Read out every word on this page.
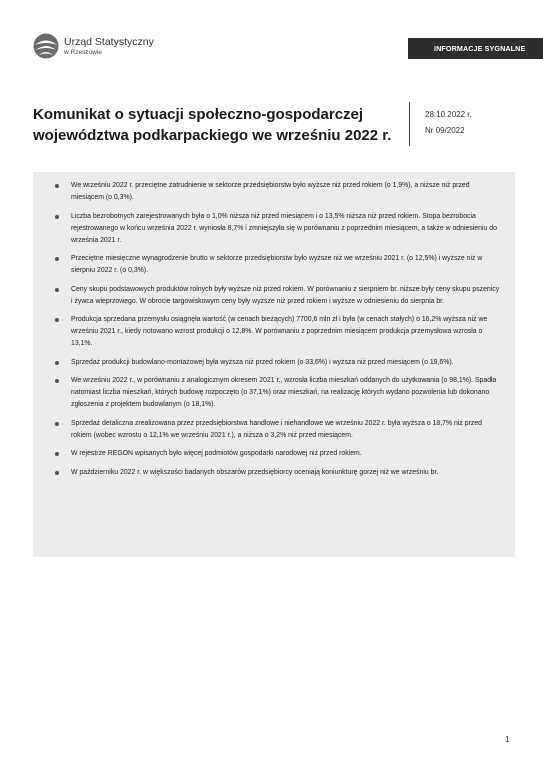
Urząd Statystyczny
w Rzeszowie	INFORMACJE SYGNALNE
Komunikat o sytuacji społeczno-gospodarczej
województwa podkarpackiego we wrześniu 2022 r.
28.10.2022 r.
Nr 09/2022
We wrześniu 2022 r. przeciętne zatrudnienie w sektorze przedsiębiorstw było wyższe niż przed rokiem (o 1,9%), a niższe niż przed miesiącem (o 0,3%).
Liczba bezrobotnych zarejestrowanych była o 1,0% niższa niż przed miesiącem i o 13,5% niższa niż przed rokiem. Stopa bezrobocia rejestrowanego w końcu września 2022 r. wyniosła 8,7% i zmniejszyła się w porównaniu z poprzednim miesiącem, a także w odniesieniu do września 2021 r.
Przeciętne miesięczne wynagrodzenie brutto w sektorze przedsiębiorstw było wyższe niż we wrześniu 2021 r. (o 12,5%) i wyższe niż w sierpniu 2022 r. (o 0,3%).
Ceny skupu podstawowych produktów rolnych były wyższe niż przed rokiem. W porównaniu z sierpniem br. niższe były ceny skupu pszenicy i żywca wieprzowego. W obrocie targowiskowym ceny były wyższe niż przed rokiem i wyższe w odniesieniu do sierpnia br.
Produkcja sprzedana przemysłu osiągnęła wartość (w cenach bieżących) 7700,6 mln zł i była (w cenach stałych) o 16,2% wyższa niż we wrześniu 2021 r., kiedy notowano wzrost produkcji o 12,8%. W porównaniu z poprzednim miesiącem produkcja przemysłowa wzrosła o 13,1%.
Sprzedaż produkcji budowlano-montażowej była wyższa niż przed rokiem (o 33,6%) i wyższa niż przed miesiącem (o 19,6%).
We wrześniu 2022 r., w porównaniu z analogicznym okresem 2021 r., wzrosła liczba mieszkań oddanych do użytkowania (o 98,1%). Spadła natomiast liczba mieszkań, których budowę rozpoczęto (o 37,1%) oraz mieszkań, na realizację których wydano pozwolenia lub dokonano zgłoszenia z projektem budowlanym (o 18,1%).
Sprzedaż detaliczna zrealizowana przez przedsiębiorstwa handlowe i niehandlowe we wrześniu 2022 r. była wyższa o 18,7% niż przed rokiem (wobec wzrostu o 12,1% we wrześniu 2021 r.), a niższa o 3,2% niż przed miesiącem.
W rejestrze REGON wpisanych było więcej podmiotów gospodarki narodowej niż przed rokiem.
W październiku 2022 r. w większości badanych obszarów przedsiębiorcy oceniają koniunkturę gorzej niż we wrześniu br.
1
